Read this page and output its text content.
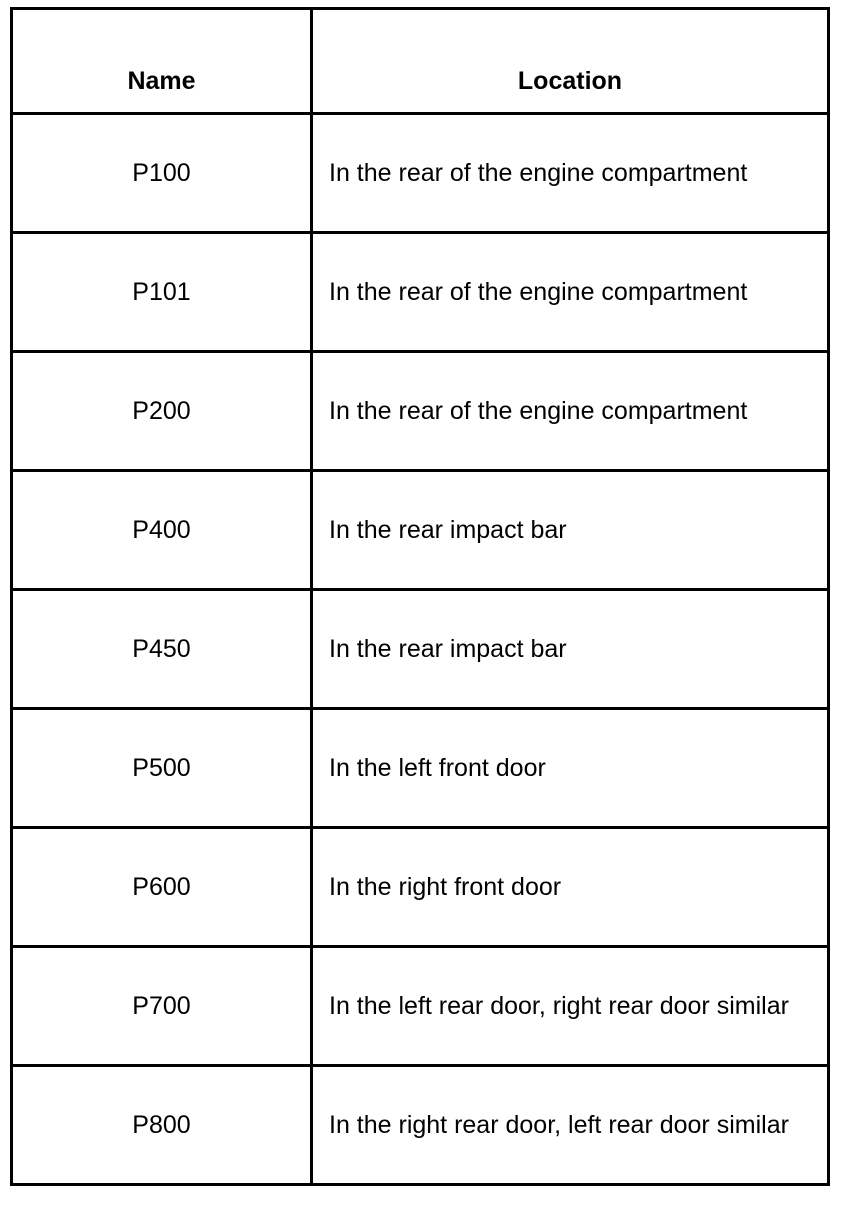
Name	Location
P100	In the rear of the engine compartment
P101	In the rear of the engine compartment
P200	In the rear of the engine compartment
P400	In the rear impact bar
P450	In the rear impact bar
P500	In the left front door
P600	In the right front door
P700	In the left rear door, right rear door similar
P800	In the right rear door, left rear door similar
